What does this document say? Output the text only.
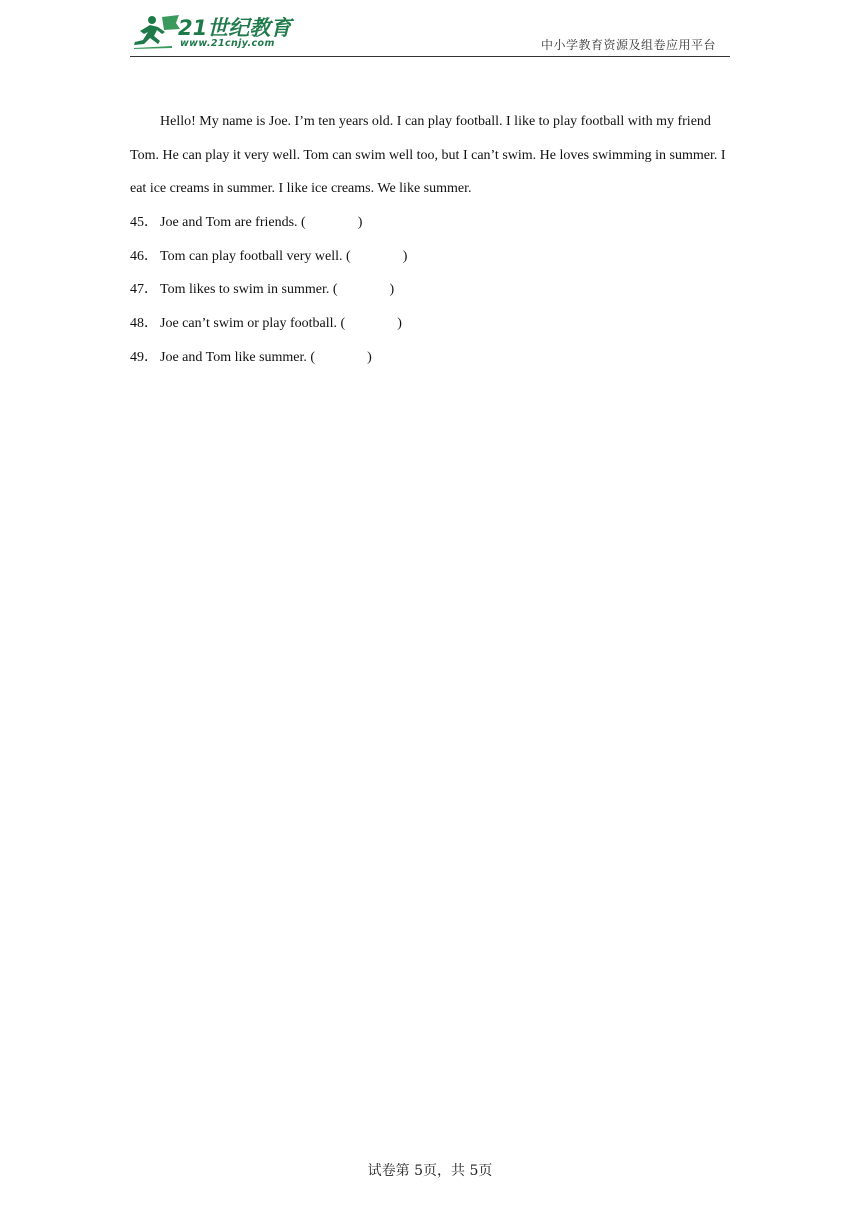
21世纪教育
www.21cnjy.com	中小学教育资源及组卷应用平台

Hello! My name is Joe. I’m ten years old. I can play football. I like to play football with my friend Tom. He can play it very well. Tom can swim well too, but I can’t swim. He loves swimming in summer. I eat ice creams in summer. I like ice creams. We like summer.

45． Joe and Tom are friends. (	)
46． Tom can play football very well. (	)
47． Tom likes to swim in summer. (	)
48． Joe can’t swim or play football. (	)
49． Joe and Tom like summer. (	)
试卷第 5页，共 5页
